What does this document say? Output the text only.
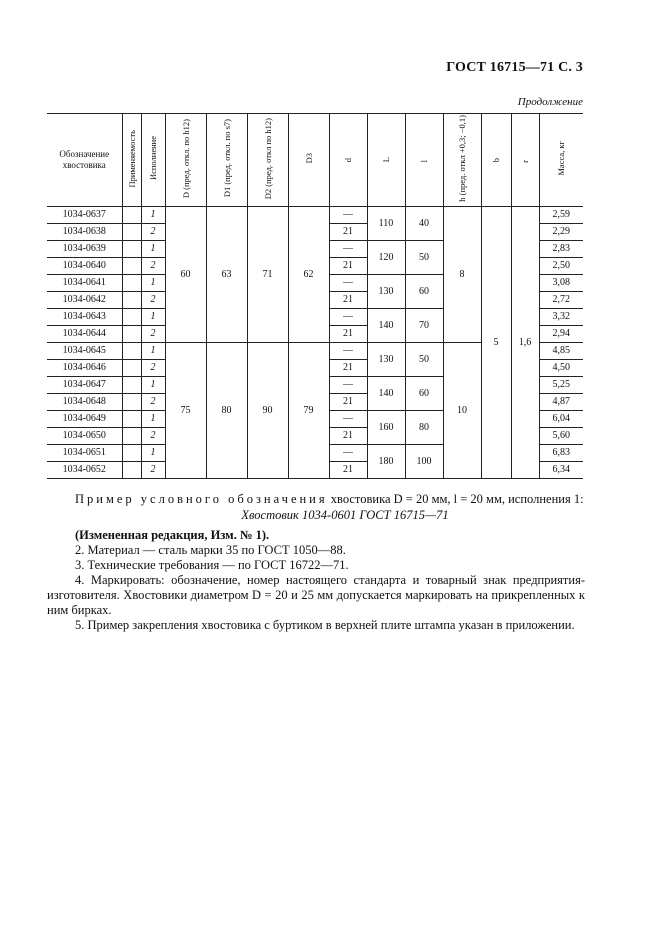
ГОСТ 16715—71 С. 3
Продолжение
Обозначение хвостовика	Применяемость	Исполнение	D (пред. откл. по h12)	D1 (пред. откл. по s7)	D2 (пред. откл по h12)	D3	d	L	l	h (пред. откл +0,3; −0,1)	b	r	Масса, кг
1034-0637		1	60	63	71	62	—	110	40	8	5	1,6	2,59
1034-0638		2					21						2,29
1034-0639		1					—	120	50				2,83
1034-0640		2					21						2,50
1034-0641		1					—	130	60				3,08
1034-0642		2					21						2,72
1034-0643		1					—	140	70				3,32
1034-0644		2					21						2,94
1034-0645		1	75	80	90	79	—	130	50	10			4,85
1034-0646		2					21						4,50
1034-0647		1					—	140	60				5,25
1034-0648		2					21						4,87
1034-0649		1					—	160	80				6,04
1034-0650		2					21						5,60
1034-0651		1					—	180	100				6,83
1034-0652		2					21						6,34
Пример условного обозначения хвостовика D = 20 мм, l = 20 мм, исполнения 1:
Хвостовик 1034-0601 ГОСТ 16715—71
(Измененная редакция, Изм. № 1).
2. Материал — сталь марки 35 по ГОСТ 1050—88.
3. Технические требования — по ГОСТ 16722—71.
4. Маркировать: обозначение, номер настоящего стандарта и товарный знак предприятия-изготовителя. Хвостовики диаметром D = 20 и 25 мм допускается маркировать на прикрепленных к ним бирках.
5. Пример закрепления хвостовика с буртиком в верхней плите штампа указан в приложении.
